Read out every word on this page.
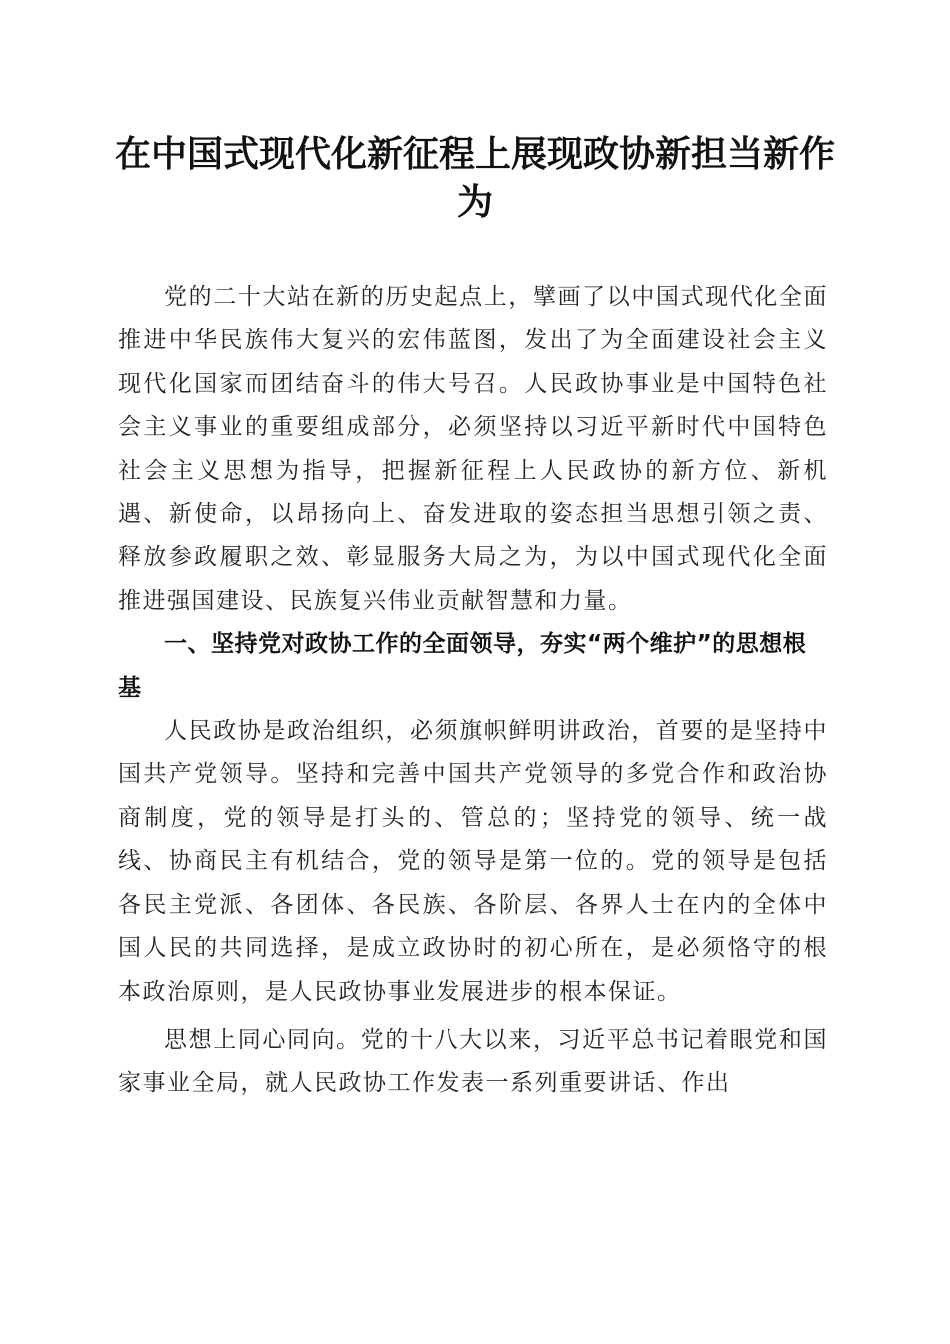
在中国式现代化新征程上展现政协新担当新作为

党的二十大站在新的历史起点上，擘画了以中国式现代化全面推进中华民族伟大复兴的宏伟蓝图，发出了为全面建设社会主义现代化国家而团结奋斗的伟大号召。人民政协事业是中国特色社会主义事业的重要组成部分，必须坚持以习近平新时代中国特色社会主义思想为指导，把握新征程上人民政协的新方位、新机遇、新使命，以昂扬向上、奋发进取的姿态担当思想引领之责、释放参政履职之效、彰显服务大局之为，为以中国式现代化全面推进强国建设、民族复兴伟业贡献智慧和力量。

一、坚持党对政协工作的全面领导，夯实“两个维护”的思想根基

人民政协是政治组织，必须旗帜鲜明讲政治，首要的是坚持中国共产党领导。坚持和完善中国共产党领导的多党合作和政治协商制度，党的领导是打头的、管总的；坚持党的领导、统一战线、协商民主有机结合，党的领导是第一位的。党的领导是包括各民主党派、各团体、各民族、各阶层、各界人士在内的全体中国人民的共同选择，是成立政协时的初心所在，是必须恪守的根本政治原则，是人民政协事业发展进步的根本保证。

思想上同心同向。党的十八大以来，习近平总书记着眼党和国家事业全局，就人民政协工作发表一系列重要讲话、作出
